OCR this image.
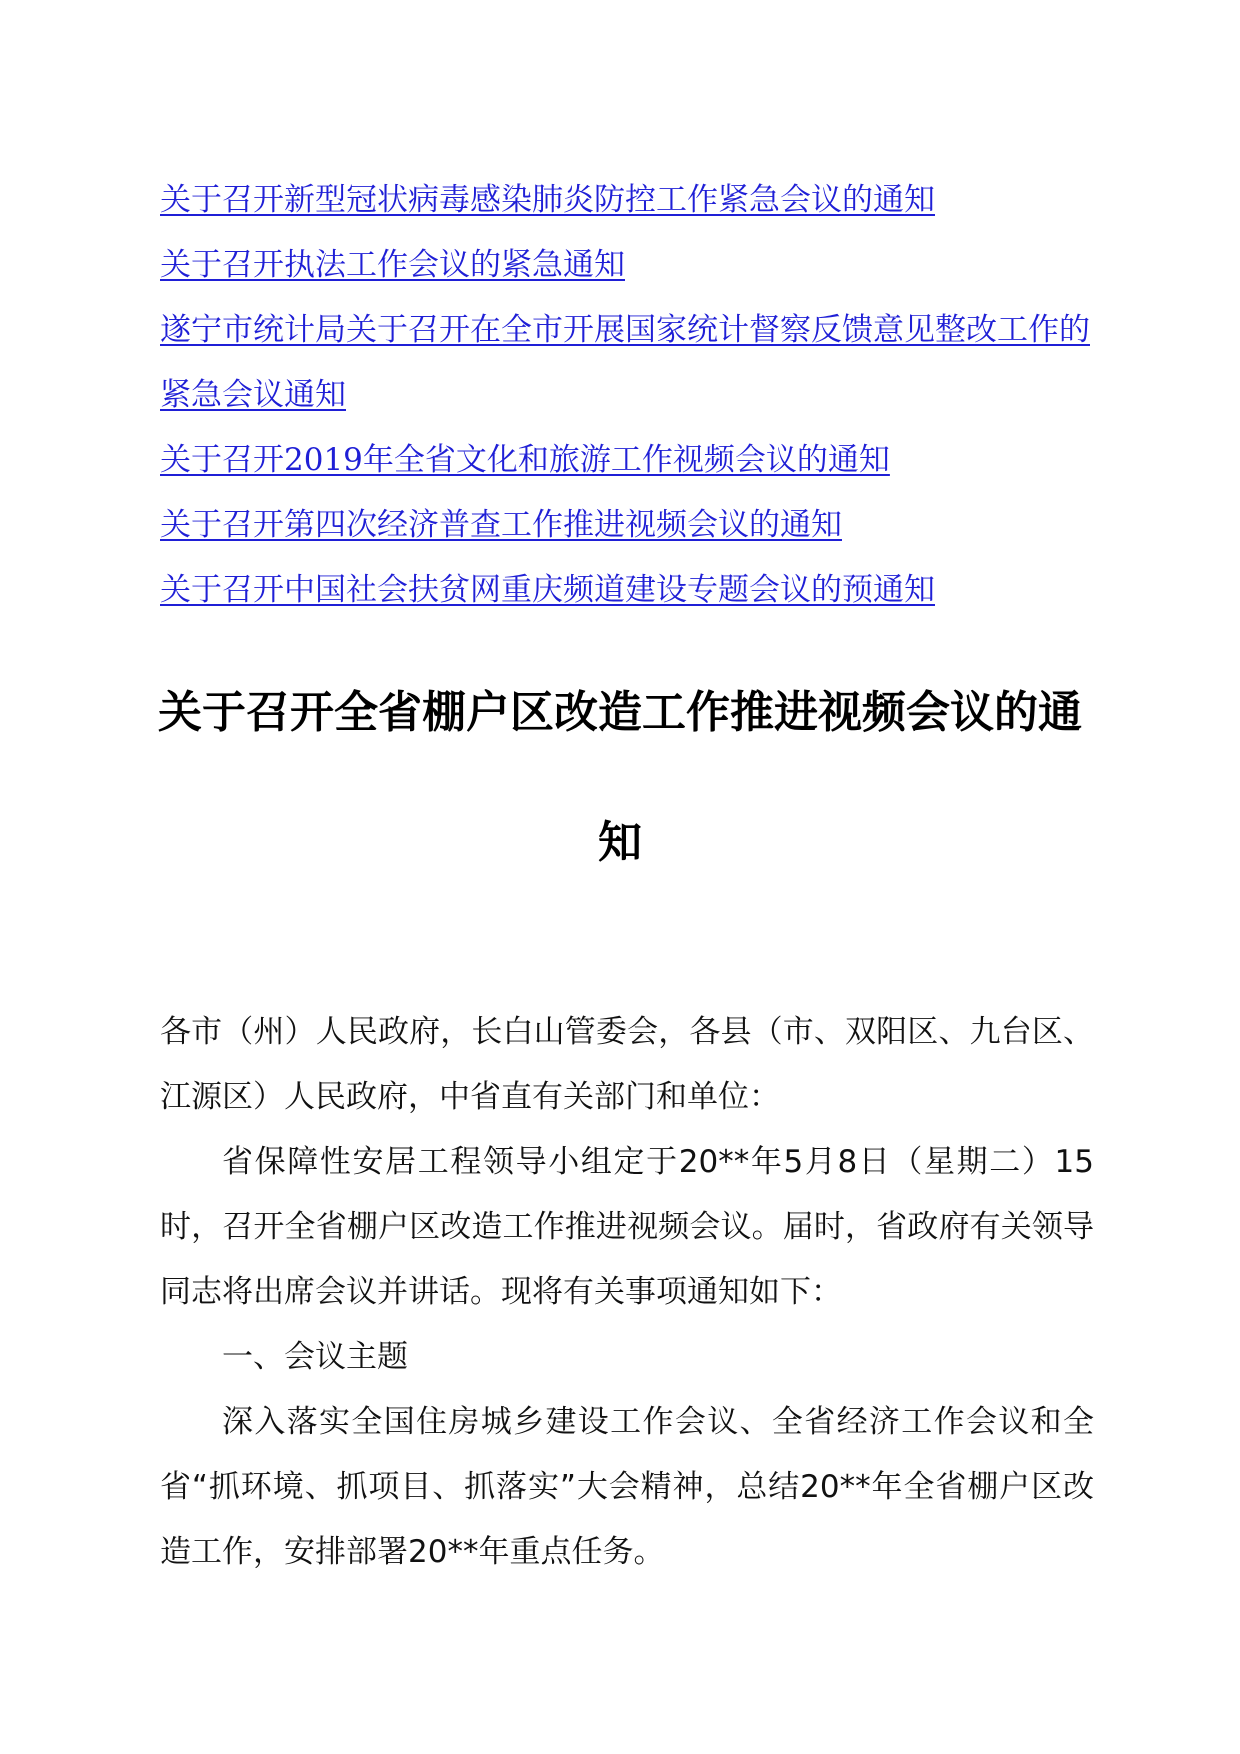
关于召开新型冠状病毒感染肺炎防控工作紧急会议的通知
关于召开执法工作会议的紧急通知
遂宁市统计局关于召开在全市开展国家统计督察反馈意见整改工作的紧急会议通知
关于召开2019年全省文化和旅游工作视频会议的通知
关于召开第四次经济普查工作推进视频会议的通知
关于召开中国社会扶贫网重庆频道建设专题会议的预通知
关于召开全省棚户区改造工作推进视频会议的通知

各市（州）人民政府，长白山管委会，各县（市、双阳区、九台区、江源区）人民政府，中省直有关部门和单位：

省保障性安居工程领导小组定于20**年5月8日（星期二）15时，召开全省棚户区改造工作推进视频会议。届时，省政府有关领导同志将出席会议并讲话。现将有关事项通知如下：

一、会议主题

深入落实全国住房城乡建设工作会议、全省经济工作会议和全省“抓环境、抓项目、抓落实”大会精神，总结20**年全省棚户区改造工作，安排部署20**年重点任务。
